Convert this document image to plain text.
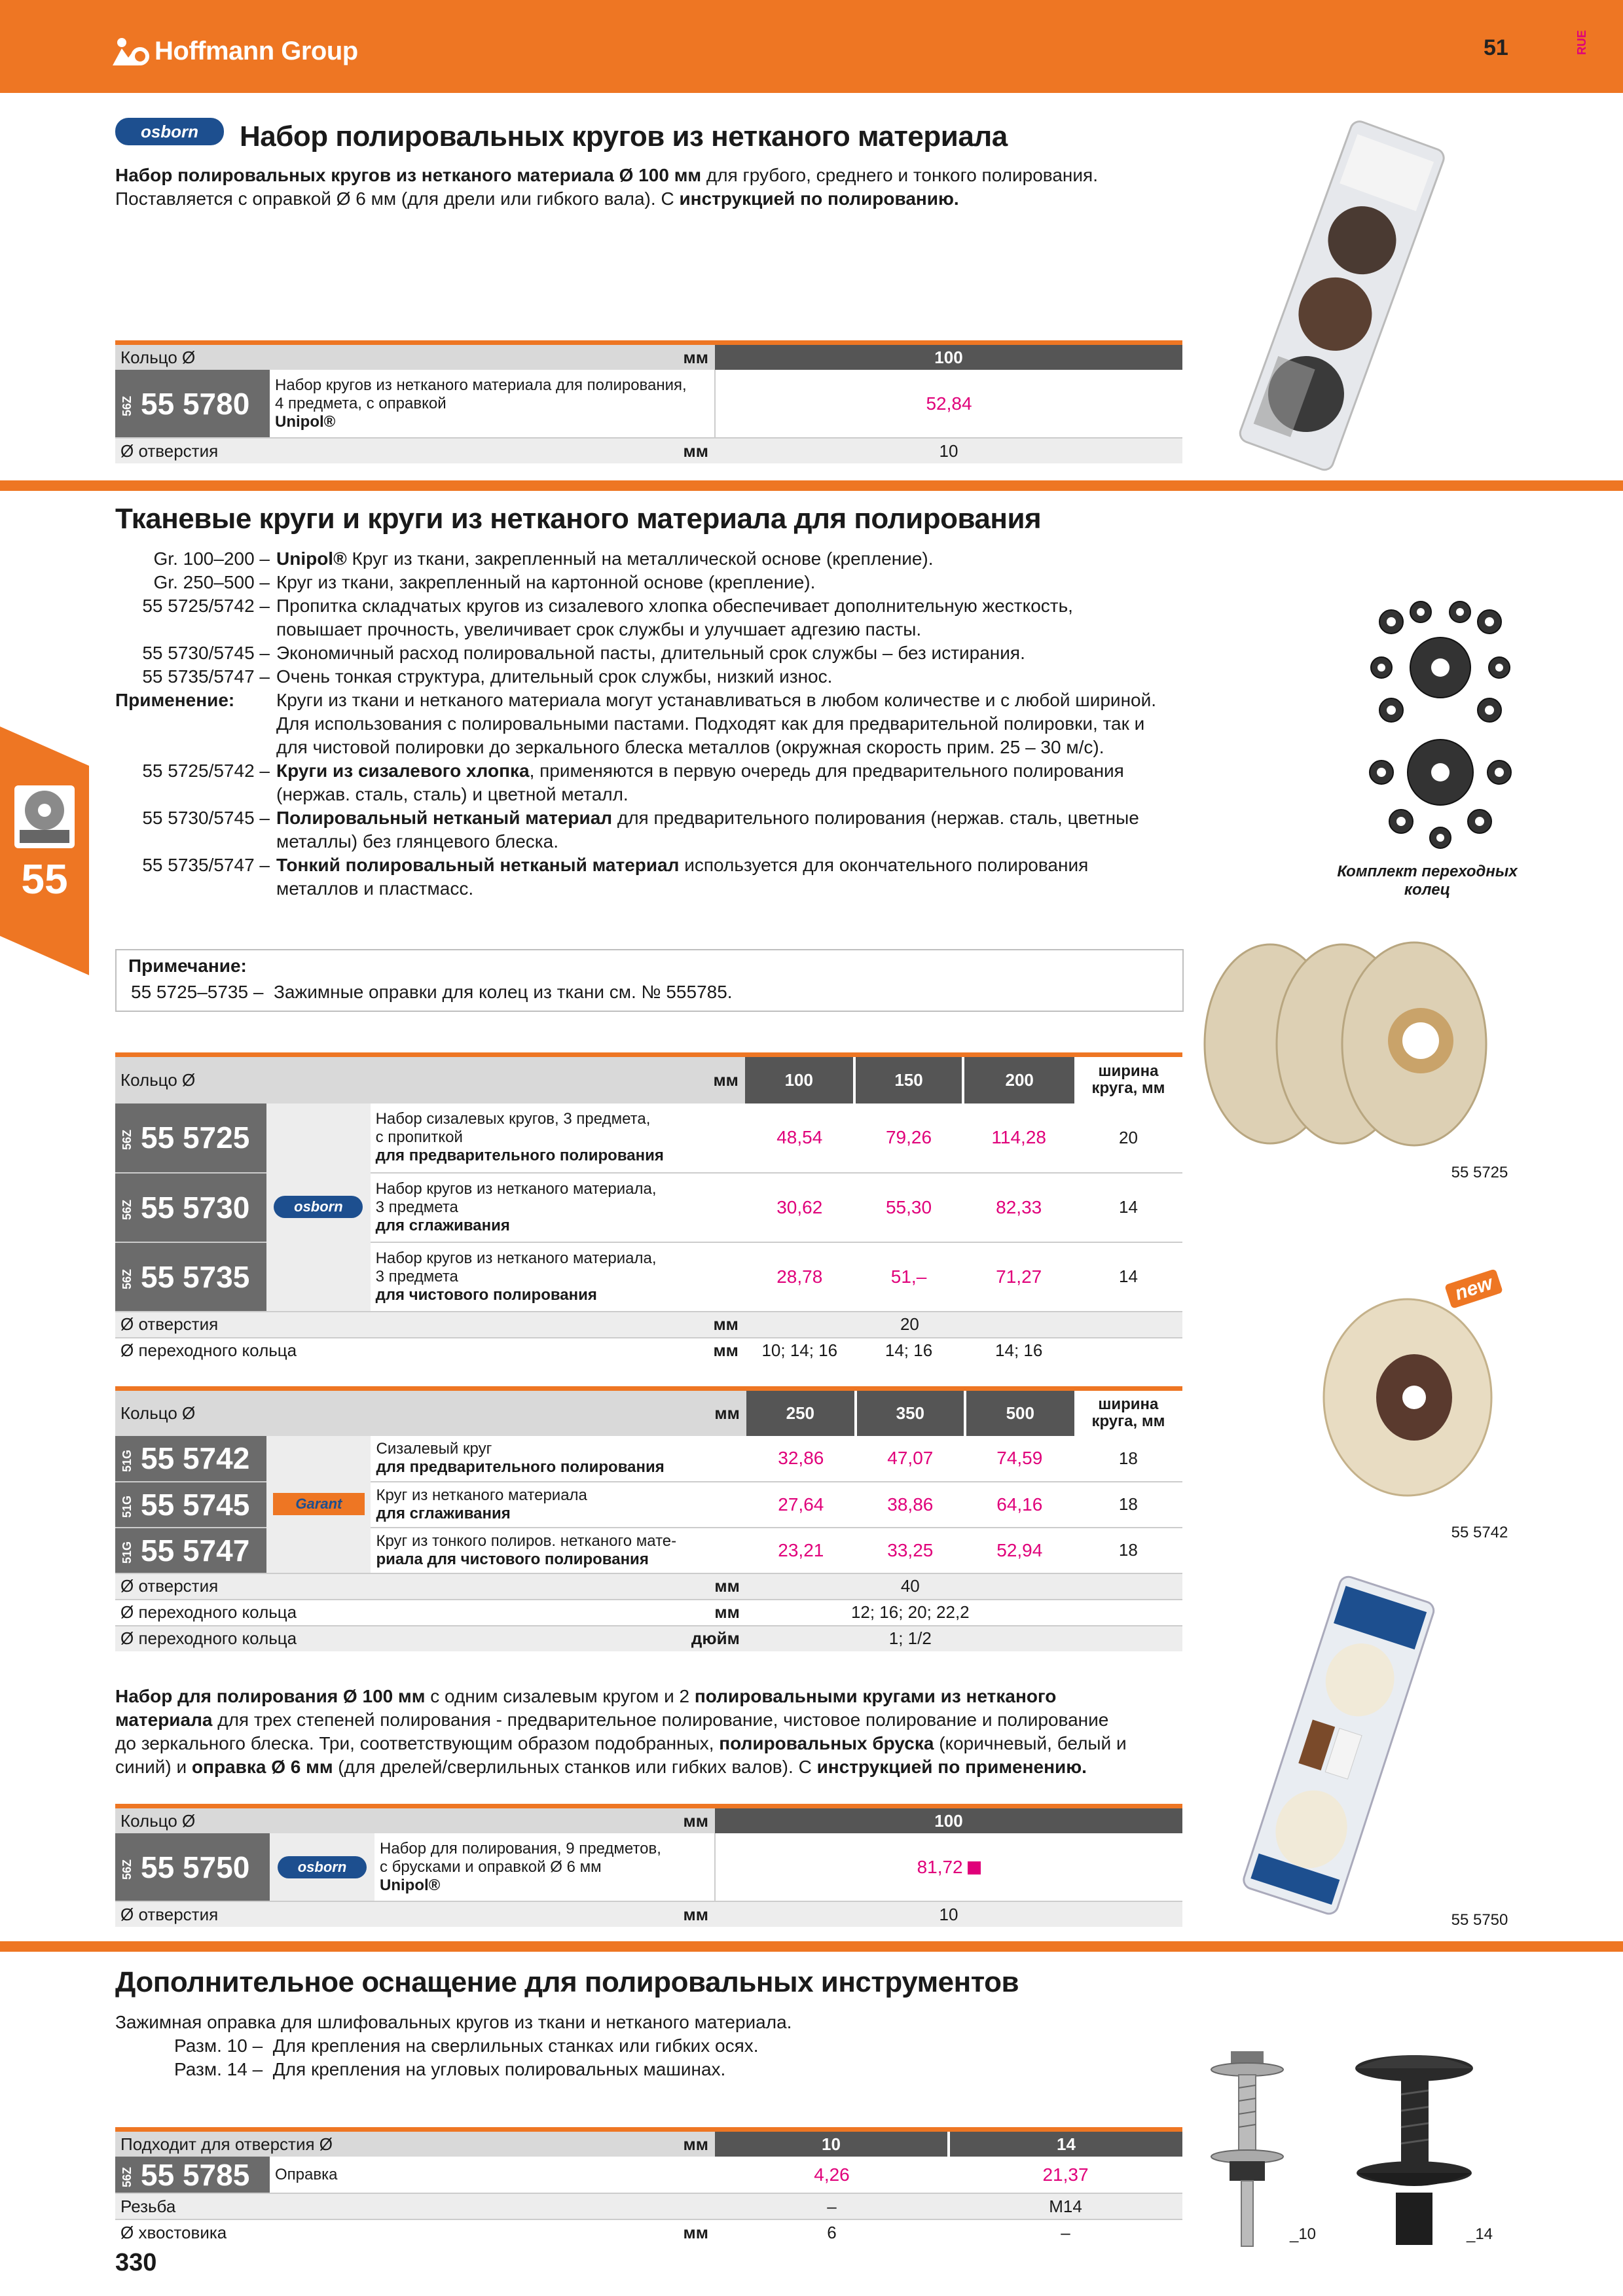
Hoffmann Group	51	RUE
55
osborn	Набор полировальных кругов из нетканого материала
Набор полировальных кругов из нетканого материала Ø 100 мм для грубого, среднего и тонкого полирования.
Поставляется с оправкой Ø 6 мм (для дрели или гибкого вала). С инструкцией по полированию.
Кольцо Ø мм		100
56Z 55 5780	Набор кругов из нетканого материала для полирования,
4 предмета, с оправкой
Unipol®	52,84
Ø отверстия мм		10
Тканевые круги и круги из нетканого материала для полирования
Gr. 100–200 – Unipol® Круг из ткани, закрепленный на металлической основе (крепление).
Gr. 250–500 – Круг из ткани, закрепленный на картонной основе (крепление).
55 5725/5742 – Пропитка складчатых кругов из сизалевого хлопка обеспечивает дополнительную жесткость,
повышает прочность, увеличивает срок службы и улучшает адгезию пасты.
55 5730/5745 – Экономичный расход полировальной пасты, длительный срок службы – без истирания.
55 5735/5747 – Очень тонкая структура, длительный срок службы, низкий износ.
Применение:	Круги из ткани и нетканого материала могут устанавливаться в любом количестве и с любой шириной.
Для использования с полировальными пастами. Подходят как для предварительной полировки, так и
для чистовой полировки до зеркального блеска металлов (окружная скорость прим. 25 – 30 м/с).
55 5725/5742 – Круги из сизалевого хлопка, применяются в первую очередь для предварительного полирования
(нержав. сталь, сталь) и цветной металл.
55 5730/5745 – Полировальный нетканый материал для предварительного полирования (нержав. сталь, цветные
металлы) без глянцевого блеска.
55 5735/5747 – Тонкий полировальный нетканый материал используется для окончательного полирования
металлов и пластмасс.
Примечание:
55 5725–5735 – Зажимные оправки для колец из ткани см. № 555785.
Комплект переходных колец
55 5725
Кольцо Ø мм			100	150	200	ширина
круга, мм
56Z 55 5725	osborn	Набор сизалевых кругов, 3 предмета,
с пропиткой
для предварительного полирования	48,54	79,26	114,28	20
56Z 55 5730		Набор кругов из нетканого материала,
3 предмета
для сглаживания	30,62	55,30	82,33	14
56Z 55 5735		Набор кругов из нетканого материала,
3 предмета
для чистового полирования	28,78	51,–	71,27	14
Ø отверстия мм			20			
Ø переходного кольца мм			10; 14; 16	14; 16	14; 16	
new
55 5742
Кольцо Ø мм			250	350	500	ширина
круга, мм
51G 55 5742	Garant	Сизалевый круг
для предварительного полирования	32,86	47,07	74,59	18
51G 55 5745		Круг из нетканого материала
для сглаживания	27,64	38,86	64,16	18
51G 55 5747		Круг из тонкого полиров. нетканого мате-
риала для чистового полирования	23,21	33,25	52,94	18
Ø отверстия мм			40			
Ø переходного кольца мм			12; 16; 20; 22,2			
Ø переходного кольца дюйм			1; 1/2			
Набор для полирования Ø 100 мм с одним сизалевым кругом и 2 полировальными кругами из нетканого
материала для трех степеней полирования - предварительное полирование, чистовое полирование и полирование
до зеркального блеска. Три, соответствующим образом подобранных, полировальных бруска (коричневый, белый и
синий) и оправка Ø 6 мм (для дрелей/сверлильных станков или гибких валов). С инструкцией по применению.
Кольцо Ø мм			100
56Z 55 5750	osborn	Набор для полирования, 9 предметов,
с брусками и оправкой Ø 6 мм
Unipol®	81,72
Ø отверстия мм			10	55 5750
Дополнительное оснащение для полировальных инструментов
Зажимная оправка для шлифовальных кругов из ткани и нетканого материала.
Разм. 10 – Для крепления на сверлильных станках или гибких осях.
Разм. 14 – Для крепления на угловых полировальных машинах.
Подходит для отверстия Ø мм		10	14
56Z 55 5785	Оправка	4,26	21,37
Резьба		–	M14
Ø хвостовика мм		6	–	_10	_14
330
